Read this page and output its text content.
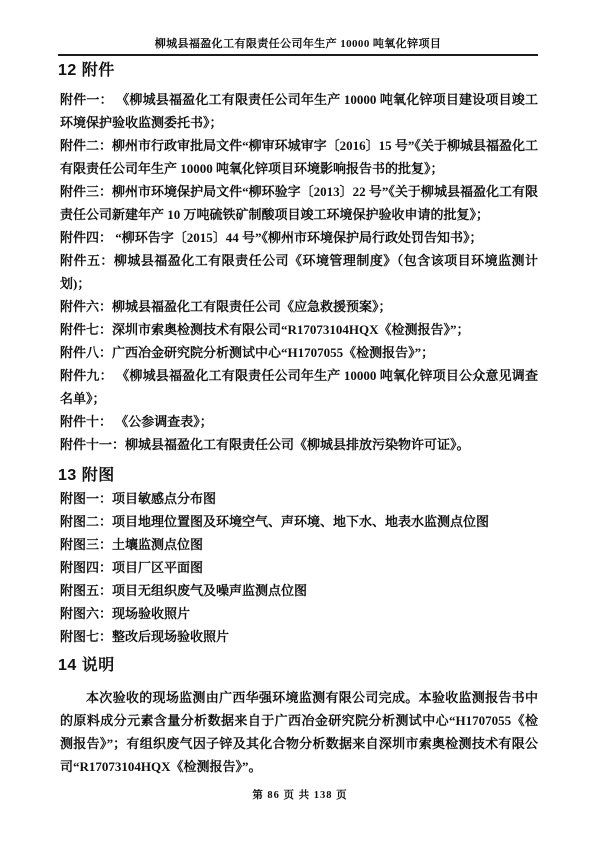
柳城县福盈化工有限责任公司年生产 10000 吨氧化锌项目
12 附件

附件一： 《柳城县福盈化工有限责任公司年生产 10000 吨氧化锌项目建设项目竣工环境保护验收监测委托书》；

附件二：柳州市行政审批局文件“柳审环城审字〔2016〕15 号”《关于柳城县福盈化工有限责任公司年生产 10000 吨氧化锌项目环境影响报告书的批复》；

附件三：柳州市环境保护局文件“柳环验字〔2013〕22 号”《关于柳城县福盈化工有限责任公司新建年产 10 万吨硫铁矿制酸项目竣工环境保护验收申请的批复》；

附件四： “柳环告字〔2015〕44 号”《柳州市环境保护局行政处罚告知书》；

附件五：柳城县福盈化工有限责任公司《环境管理制度》（包含该项目环境监测计划)；

附件六：柳城县福盈化工有限责任公司《应急救援预案》；

附件七：深圳市索奥检测技术有限公司“R17073104HQX《检测报告》”；

附件八：广西冶金研究院分析测试中心“H1707055《检测报告》”；

附件九： 《柳城县福盈化工有限责任公司年生产 10000 吨氧化锌项目公众意见调查名单》；

附件十： 《公参调查表》；

附件十一：柳城县福盈化工有限责任公司《柳城县排放污染物许可证》。

13 附图

附图一：项目敏感点分布图

附图二：项目地理位置图及环境空气、声环境、地下水、地表水监测点位图

附图三：土壤监测点位图

附图四：项目厂区平面图

附图五：项目无组织废气及噪声监测点位图

附图六：现场验收照片

附图七：整改后现场验收照片

14 说明

本次验收的现场监测由广西华强环境监测有限公司完成。本验收监测报告书中的原料成分元素含量分析数据来自于广西冶金研究院分析测试中心“H1707055《检测报告》”；有组织废气因子锌及其化合物分析数据来自深圳市索奥检测技术有限公司“R17073104HQX《检测报告》”。

第 86 页 共 138 页
